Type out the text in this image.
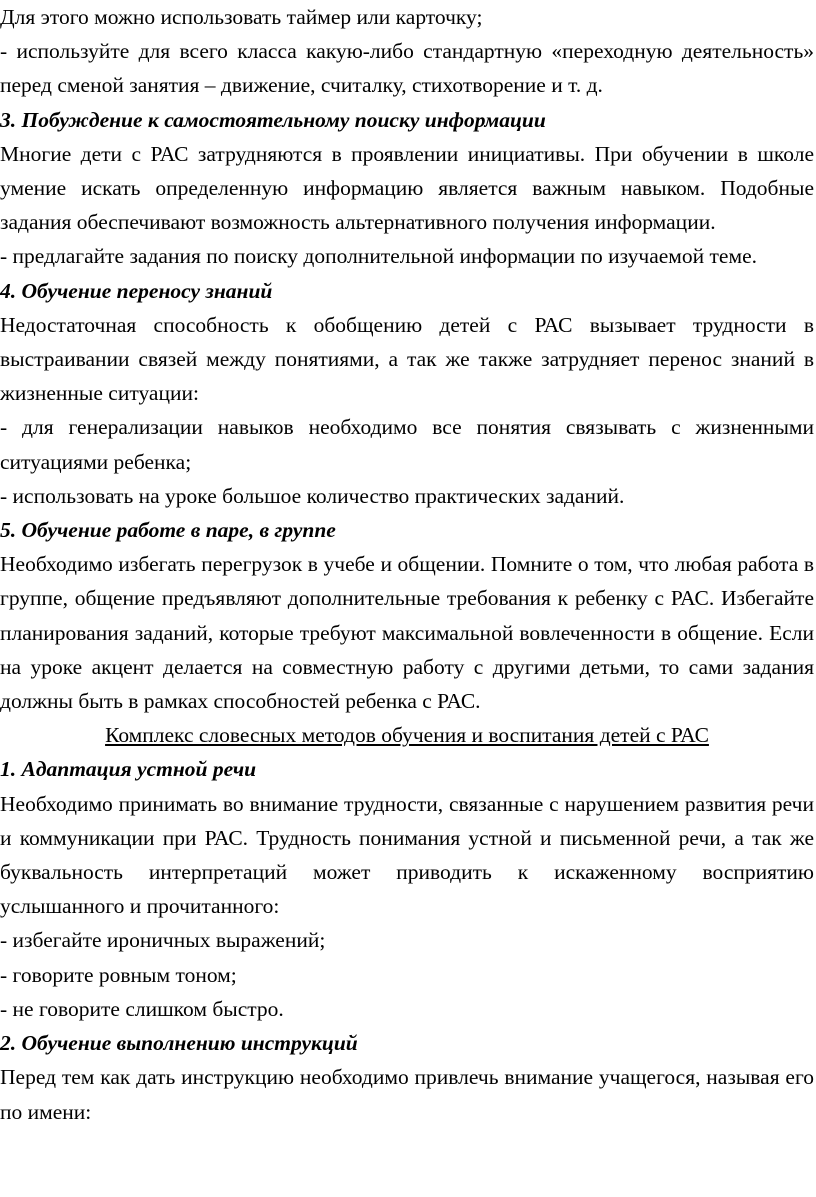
Для этого можно использовать таймер или карточку;

- используйте для всего класса какую-либо стандартную «переходную деятельность» перед сменой занятия – движение, считалку, стихотворение и т. д.

3. Побуждение к самостоятельному поиску информации

Многие дети с РАС затрудняются в проявлении инициативы. При обучении в школе умение искать определенную информацию является важным навыком. Подобные задания обеспечивают возможность альтернативного получения информации.

- предлагайте задания по поиску дополнительной информации по изучаемой теме.

4. Обучение переносу знаний

Недостаточная способность к обобщению детей с РАС вызывает трудности в выстраивании связей между понятиями, а так же также затрудняет перенос знаний в жизненные ситуации:

- для генерализации навыков необходимо все понятия связывать с жизненными ситуациями ребенка;

- использовать на уроке большое количество практических заданий.

5. Обучение работе в паре, в группе

Необходимо избегать перегрузок в учебе и общении. Помните о том, что любая работа в группе, общение предъявляют дополнительные требования к ребенку с РАС. Избегайте планирования заданий, которые требуют максимальной вовлеченности в общение. Если на уроке акцент делается на совместную работу с другими детьми, то сами задания должны быть в рамках способностей ребенка с РАС.

Комплекс словесных методов обучения и воспитания детей с РАС

1. Адаптация устной речи

Необходимо принимать во внимание трудности, связанные с нарушением развития речи и коммуникации при РАС. Трудность понимания устной и письменной речи, а так же буквальность интерпретаций может приводить к искаженному восприятию услышанного и прочитанного:

- избегайте ироничных выражений;

- говорите ровным тоном;

- не говорите слишком быстро.

2. Обучение выполнению инструкций

Перед тем как дать инструкцию необходимо привлечь внимание учащегося, называя его по имени:
